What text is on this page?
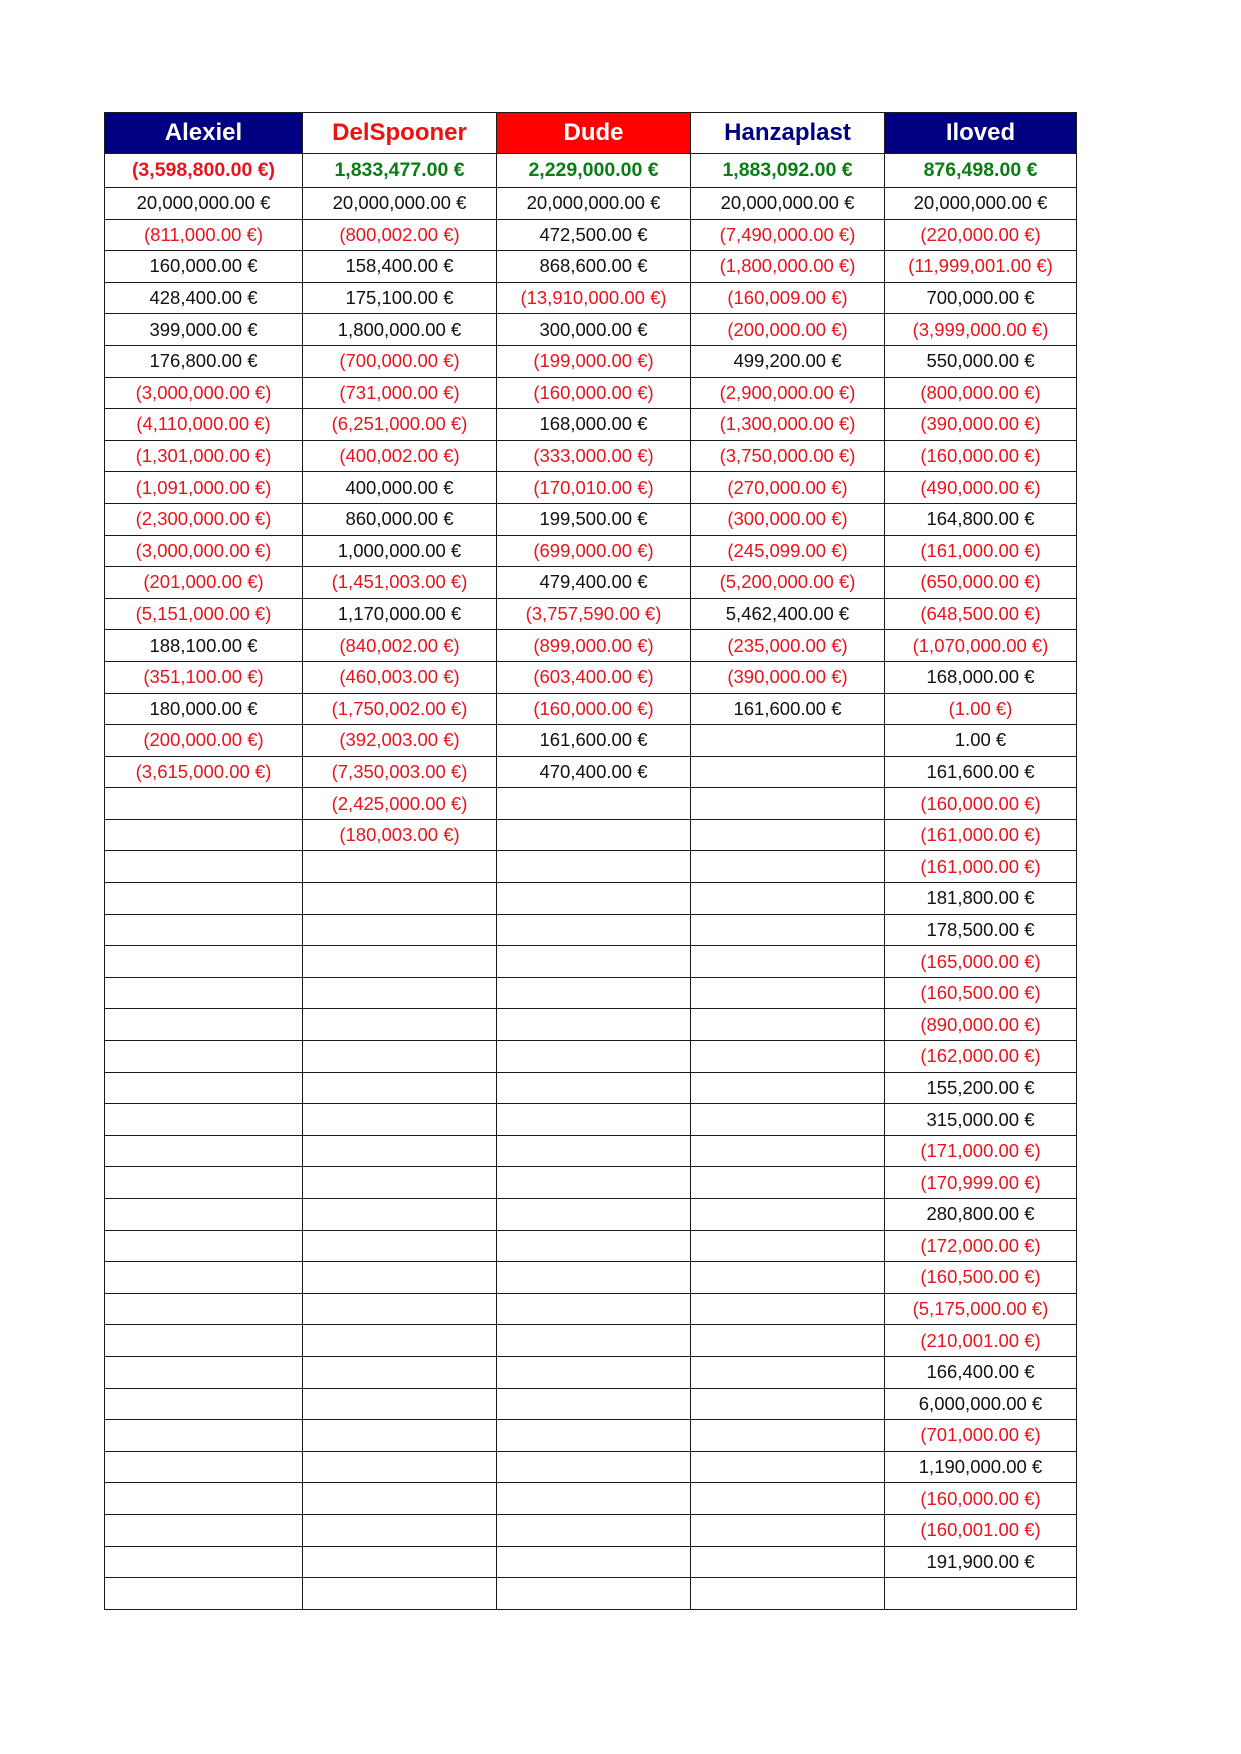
Alexiel	DelSpooner	Dude	Hanzaplast	Iloved
(3,598,800.00 €)	1,833,477.00 €	2,229,000.00 €	1,883,092.00 €	876,498.00 €
20,000,000.00 €	20,000,000.00 €	20,000,000.00 €	20,000,000.00 €	20,000,000.00 €
(811,000.00 €)	(800,002.00 €)	472,500.00 €	(7,490,000.00 €)	(220,000.00 €)
160,000.00 €	158,400.00 €	868,600.00 €	(1,800,000.00 €)	(11,999,001.00 €)
428,400.00 €	175,100.00 €	(13,910,000.00 €)	(160,009.00 €)	700,000.00 €
399,000.00 €	1,800,000.00 €	300,000.00 €	(200,000.00 €)	(3,999,000.00 €)
176,800.00 €	(700,000.00 €)	(199,000.00 €)	499,200.00 €	550,000.00 €
(3,000,000.00 €)	(731,000.00 €)	(160,000.00 €)	(2,900,000.00 €)	(800,000.00 €)
(4,110,000.00 €)	(6,251,000.00 €)	168,000.00 €	(1,300,000.00 €)	(390,000.00 €)
(1,301,000.00 €)	(400,002.00 €)	(333,000.00 €)	(3,750,000.00 €)	(160,000.00 €)
(1,091,000.00 €)	400,000.00 €	(170,010.00 €)	(270,000.00 €)	(490,000.00 €)
(2,300,000.00 €)	860,000.00 €	199,500.00 €	(300,000.00 €)	164,800.00 €
(3,000,000.00 €)	1,000,000.00 €	(699,000.00 €)	(245,099.00 €)	(161,000.00 €)
(201,000.00 €)	(1,451,003.00 €)	479,400.00 €	(5,200,000.00 €)	(650,000.00 €)
(5,151,000.00 €)	1,170,000.00 €	(3,757,590.00 €)	5,462,400.00 €	(648,500.00 €)
188,100.00 €	(840,002.00 €)	(899,000.00 €)	(235,000.00 €)	(1,070,000.00 €)
(351,100.00 €)	(460,003.00 €)	(603,400.00 €)	(390,000.00 €)	168,000.00 €
180,000.00 €	(1,750,002.00 €)	(160,000.00 €)	161,600.00 €	(1.00 €)
(200,000.00 €)	(392,003.00 €)	161,600.00 €		1.00 €
(3,615,000.00 €)	(7,350,003.00 €)	470,400.00 €		161,600.00 €
	(2,425,000.00 €)			(160,000.00 €)
	(180,003.00 €)			(161,000.00 €)
				(161,000.00 €)
				181,800.00 €
				178,500.00 €
				(165,000.00 €)
				(160,500.00 €)
				(890,000.00 €)
				(162,000.00 €)
				155,200.00 €
				315,000.00 €
				(171,000.00 €)
				(170,999.00 €)
				280,800.00 €
				(172,000.00 €)
				(160,500.00 €)
				(5,175,000.00 €)
				(210,001.00 €)
				166,400.00 €
				6,000,000.00 €
				(701,000.00 €)
				1,190,000.00 €
				(160,000.00 €)
				(160,001.00 €)
				191,900.00 €
